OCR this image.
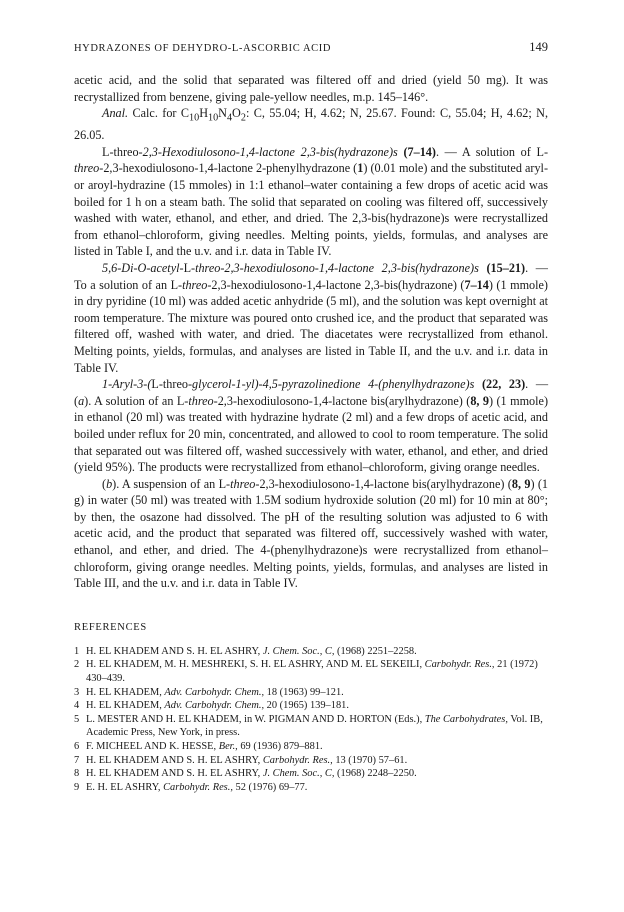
HYDRAZONES OF DEHYDRO-L-ASCORBIC ACID	149

acetic acid, and the solid that separated was filtered off and dried (yield 50 mg). It was recrystallized from benzene, giving pale-yellow needles, m.p. 145–146°.

Anal. Calc. for $C_{10}H_{10}N_4O_2$: C, 55.04; H, 4.62; N, 25.67. Found: C, 55.04; H, 4.62; N, 26.05.

L-threo-2,3-Hexodiulosono-1,4-lactone 2,3-bis(hydrazone)s (7–14). — A solution of L-threo-2,3-hexodiulosono-1,4-lactone 2-phenylhydrazone (1) (0.01 mole) and the substituted aryl- or aroyl-hydrazine (15 mmoles) in 1:1 ethanol–water containing a few drops of acetic acid was boiled for 1 h on a steam bath. The solid that separated on cooling was filtered off, successively washed with water, ethanol, and ether, and dried. The 2,3-bis(hydrazone)s were recrystallized from ethanol–chloroform, giving needles. Melting points, yields, formulas, and analyses are listed in Table I, and the u.v. and i.r. data in Table IV.

5,6-Di-O-acetyl-L-threo-2,3-hexodiulosono-1,4-lactone 2,3-bis(hydrazone)s (15–21). — To a solution of an L-threo-2,3-hexodiulosono-1,4-lactone 2,3-bis(hydrazone) (7–14) (1 mmole) in dry pyridine (10 ml) was added acetic anhydride (5 ml), and the solution was kept overnight at room temperature. The mixture was poured onto crushed ice, and the product that separated was filtered off, washed with water, and dried. The diacetates were recrystallized from ethanol. Melting points, yields, formulas, and analyses are listed in Table II, and the u.v. and i.r. data in Table IV.

1-Aryl-3-(L-threo-glycerol-1-yl)-4,5-pyrazolinedione 4-(phenylhydrazone)s (22, 23). — (a). A solution of an L-threo-2,3-hexodiulosono-1,4-lactone bis(arylhydrazone) (8, 9) (1 mmole) in ethanol (20 ml) was treated with hydrazine hydrate (2 ml) and a few drops of acetic acid, and boiled under reflux for 20 min, concentrated, and allowed to cool to room temperature. The solid that separated out was filtered off, washed successively with water, ethanol, and ether, and dried (yield 95%). The products were recrystallized from ethanol–chloroform, giving orange needles.

(b). A suspension of an L-threo-2,3-hexodiulosono-1,4-lactone bis(arylhydrazone) (8, 9) (1 g) in water (50 ml) was treated with 1.5M sodium hydroxide solution (20 ml) for 10 min at 80°; by then, the osazone had dissolved. The pH of the resulting solution was adjusted to 6 with acetic acid, and the product that separated was filtered off, successively washed with water, ethanol, and ether, and dried. The 4-(phenylhydrazone)s were recrystallized from ethanol–chloroform, giving orange needles. Melting points, yields, formulas, and analyses are listed in Table III, and the u.v. and i.r. data in Table IV.

REFERENCES
1 H. EL KHADEM AND S. H. EL ASHRY, J. Chem. Soc., C, (1968) 2251–2258.
2 H. EL KHADEM, M. H. MESHREKI, S. H. EL ASHRY, AND M. EL SEKEILI, Carbohydr. Res., 21 (1972) 430–439.
3 H. EL KHADEM, Adv. Carbohydr. Chem., 18 (1963) 99–121.
4 H. EL KHADEM, Adv. Carbohydr. Chem., 20 (1965) 139–181.
5 L. MESTER AND H. EL KHADEM, in W. PIGMAN AND D. HORTON (Eds.), The Carbohydrates, Vol. IB, Academic Press, New York, in press.
6 F. MICHEEL AND K. HESSE, Ber., 69 (1936) 879–881.
7 H. EL KHADEM AND S. H. EL ASHRY, Carbohydr. Res., 13 (1970) 57–61.
8 H. EL KHADEM AND S. H. EL ASHRY, J. Chem. Soc., C, (1968) 2248–2250.
9 E. H. EL ASHRY, Carbohydr. Res., 52 (1976) 69–77.
